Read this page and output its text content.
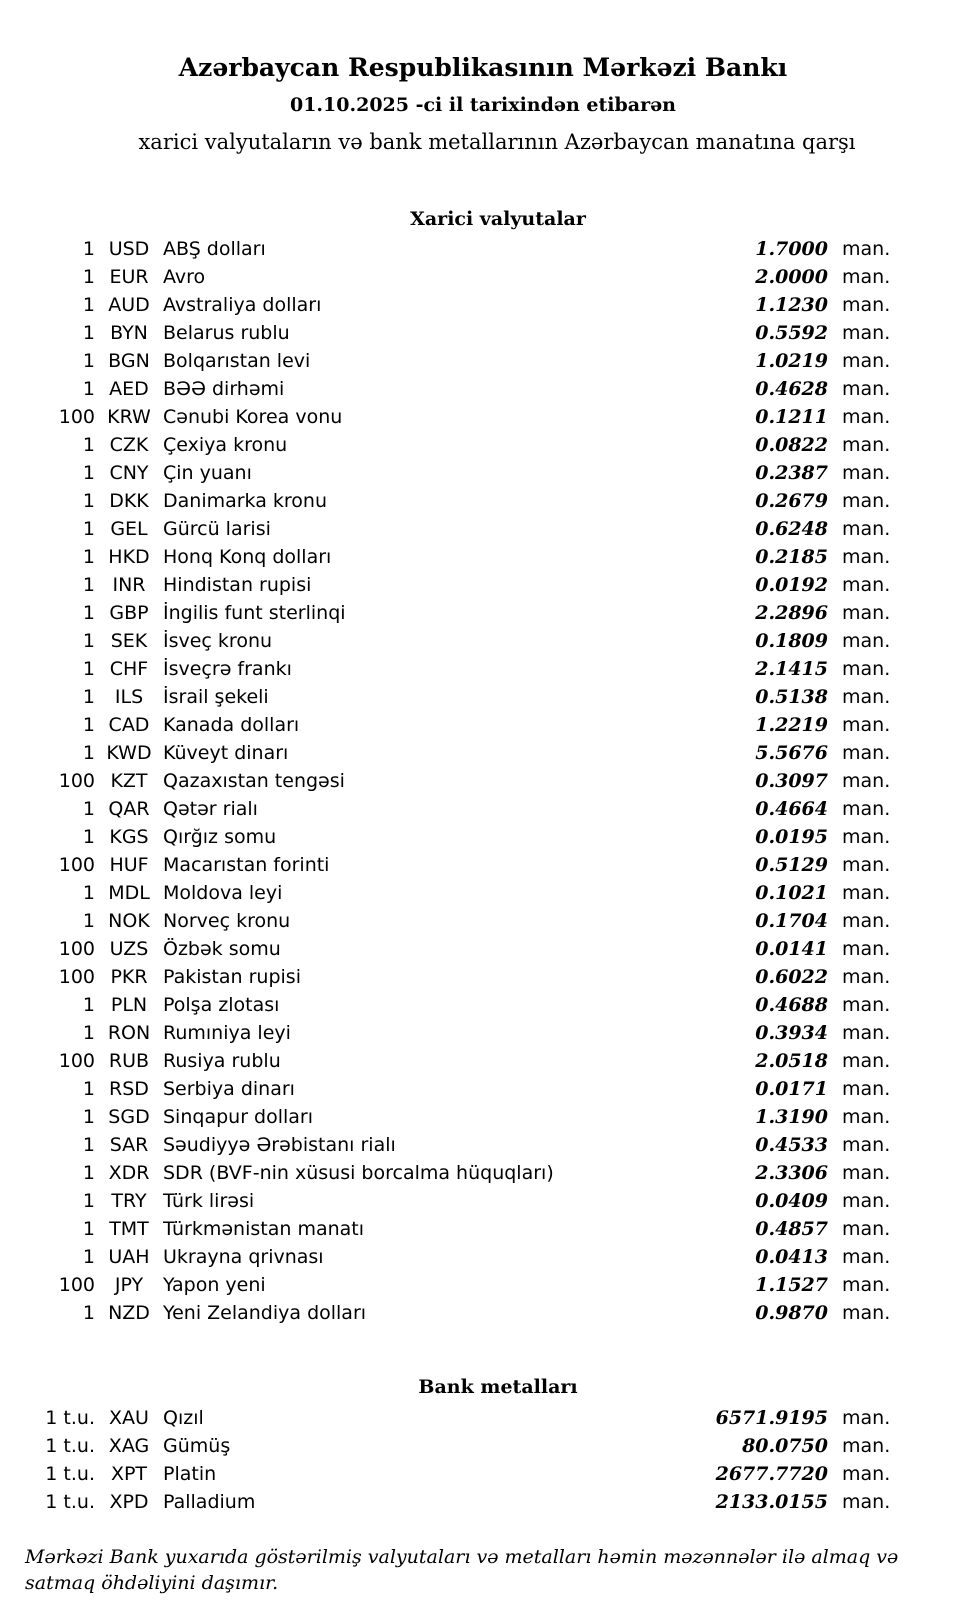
Azərbaycan Respublikasının Mərkəzi Bankı
01.10.2025 -ci il tarixindən etibarən
xarici valyutaların və bank metallarının Azərbaycan manatına qarşı
Xarici valyutalar
1 USD ABŞ dolları	1.7000 man.
1 EUR Avro	2.0000 man.
1 AUD Avstraliya dolları	1.1230 man.
1 BYN Belarus rublu	0.5592 man.
1 BGN Bolqarıstan levi	1.0219 man.
1 AED BƏƏ dirhəmi	0.4628 man.
100 KRW Cənubi Korea vonu	0.1211 man.
1 CZK Çexiya kronu	0.0822 man.
1 CNY Çin yuanı	0.2387 man.
1 DKK Danimarka kronu	0.2679 man.
1 GEL Gürcü larisi	0.6248 man.
1 HKD Honq Konq dolları	0.2185 man.
1 INR Hindistan rupisi	0.0192 man.
1 GBP İngilis funt sterlinqi	2.2896 man.
1 SEK İsveç kronu	0.1809 man.
1 CHF İsveçrə frankı	2.1415 man.
1	ILS	İsrail şekeli	0.5138 man.
1 CAD Kanada dolları	1.2219 man.
1 KWD Küveyt dinarı	5.5676 man.
100 KZT Qazaxıstan tengəsi	0.3097 man.
1 QAR Qətər rialı	0.4664 man.
1 KGS Qırğız somu	0.0195 man.
100 HUF Macarıstan forinti	0.5129 man.
1 MDL Moldova leyi	0.1021 man.
1 NOK Norveç kronu	0.1704 man.
100 UZS Özbək somu	0.0141 man.
100 PKR Pakistan rupisi	0.6022 man.
1 PLN Polşa zlotası	0.4688 man.
1 RON Rumıniya leyi	0.3934 man.
100 RUB Rusiya rublu	2.0518 man.
1 RSD Serbiya dinarı	0.0171 man.
1 SGD Sinqapur dolları	1.3190 man.
1 SAR Səudiyyə Ərəbistanı rialı	0.4533 man.
1 XDR SDR (BVF-nin xüsusi borcalma hüquqları)	2.3306 man.
1 TRY Türk lirəsi	0.0409 man.
1 TMT Türkmənistan manatı	0.4857 man.
1 UAH Ukrayna qrivnası	0.0413 man.
100	JPY	Yapon yeni	1.1527 man.
1 NZD Yeni Zelandiya dolları	0.9870 man.
Bank metalları
1 t.u. XAU Qızıl	6571.9195 man.
1 t.u. XAG Gümüş	80.0750 man.
1 t.u. XPT Platin	2677.7720 man.
1 t.u. XPD Palladium	2133.0155 man.
Mərkəzi Bank yuxarıda göstərilmiş valyutaları və metalları həmin məzənnələr ilə almaq və satmaq öhdəliyini daşımır.
